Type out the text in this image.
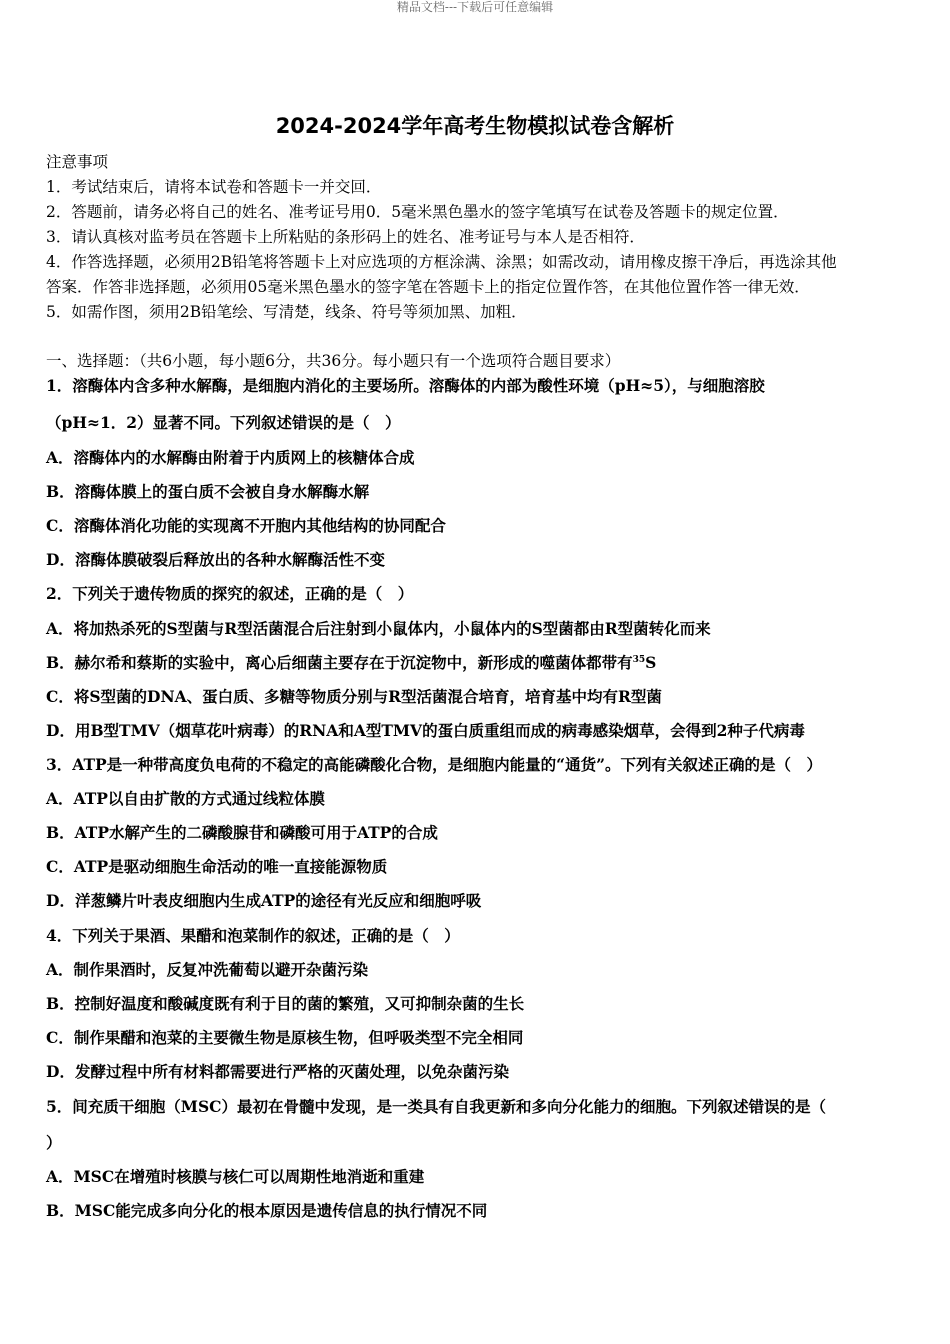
精品文档---下载后可任意编辑
2024-2024学年高考生物模拟试卷含解析
注意事项
1．考试结束后，请将本试卷和答题卡一并交回．
2．答题前，请务必将自己的姓名、准考证号用0．5毫米黑色墨水的签字笔填写在试卷及答题卡的规定位置．
3．请认真核对监考员在答题卡上所粘贴的条形码上的姓名、准考证号与本人是否相符．
4．作答选择题，必须用2B铅笔将答题卡上对应选项的方框涂满、涂黑；如需改动，请用橡皮擦干净后，再选涂其他
答案．作答非选择题，必须用05毫米黑色墨水的签字笔在答题卡上的指定位置作答，在其他位置作答一律无效．
5．如需作图，须用2B铅笔绘、写清楚，线条、符号等须加黑、加粗．
一、选择题：（共6小题，每小题6分，共36分。每小题只有一个选项符合题目要求）
1．溶酶体内含多种水解酶，是细胞内消化的主要场所。溶酶体的内部为酸性环境（pH≈5），与细胞溶胶
（pH≈1．2）显著不同。下列叙述错误的是（　）
A．溶酶体内的水解酶由附着于内质网上的核糖体合成
B．溶酶体膜上的蛋白质不会被自身水解酶水解
C．溶酶体消化功能的实现离不开胞内其他结构的协同配合
D．溶酶体膜破裂后释放出的各种水解酶活性不变
2．下列关于遗传物质的探究的叙述，正确的是（　）
A．将加热杀死的S型菌与R型活菌混合后注射到小鼠体内，小鼠体内的S型菌都由R型菌转化而来
B．赫尔希和蔡斯的实验中，离心后细菌主要存在于沉淀物中，新形成的噬菌体都带有$^{35}$S
C．将S型菌的DNA、蛋白质、多糖等物质分别与R型活菌混合培育，培育基中均有R型菌
D．用B型TMV（烟草花叶病毒）的RNA和A型TMV的蛋白质重组而成的病毒感染烟草，会得到2种子代病毒
3．ATP是一种带高度负电荷的不稳定的高能磷酸化合物，是细胞内能量的“通货”。下列有关叙述正确的是（　）
A．ATP以自由扩散的方式通过线粒体膜
B．ATP水解产生的二磷酸腺苷和磷酸可用于ATP的合成
C．ATP是驱动细胞生命活动的唯一直接能源物质
D．洋葱鳞片叶表皮细胞内生成ATP的途径有光反应和细胞呼吸
4．下列关于果酒、果醋和泡菜制作的叙述，正确的是（　）
A．制作果酒时，反复冲洗葡萄以避开杂菌污染
B．控制好温度和酸碱度既有利于目的菌的繁殖，又可抑制杂菌的生长
C．制作果醋和泡菜的主要微生物是原核生物，但呼吸类型不完全相同
D．发酵过程中所有材料都需要进行严格的灭菌处理，以免杂菌污染
5．间充质干细胞（MSC）最初在骨髓中发现，是一类具有自我更新和多向分化能力的细胞。下列叙述错误的是（
）
A．MSC在增殖时核膜与核仁可以周期性地消逝和重建
B．MSC能完成多向分化的根本原因是遗传信息的执行情况不同
